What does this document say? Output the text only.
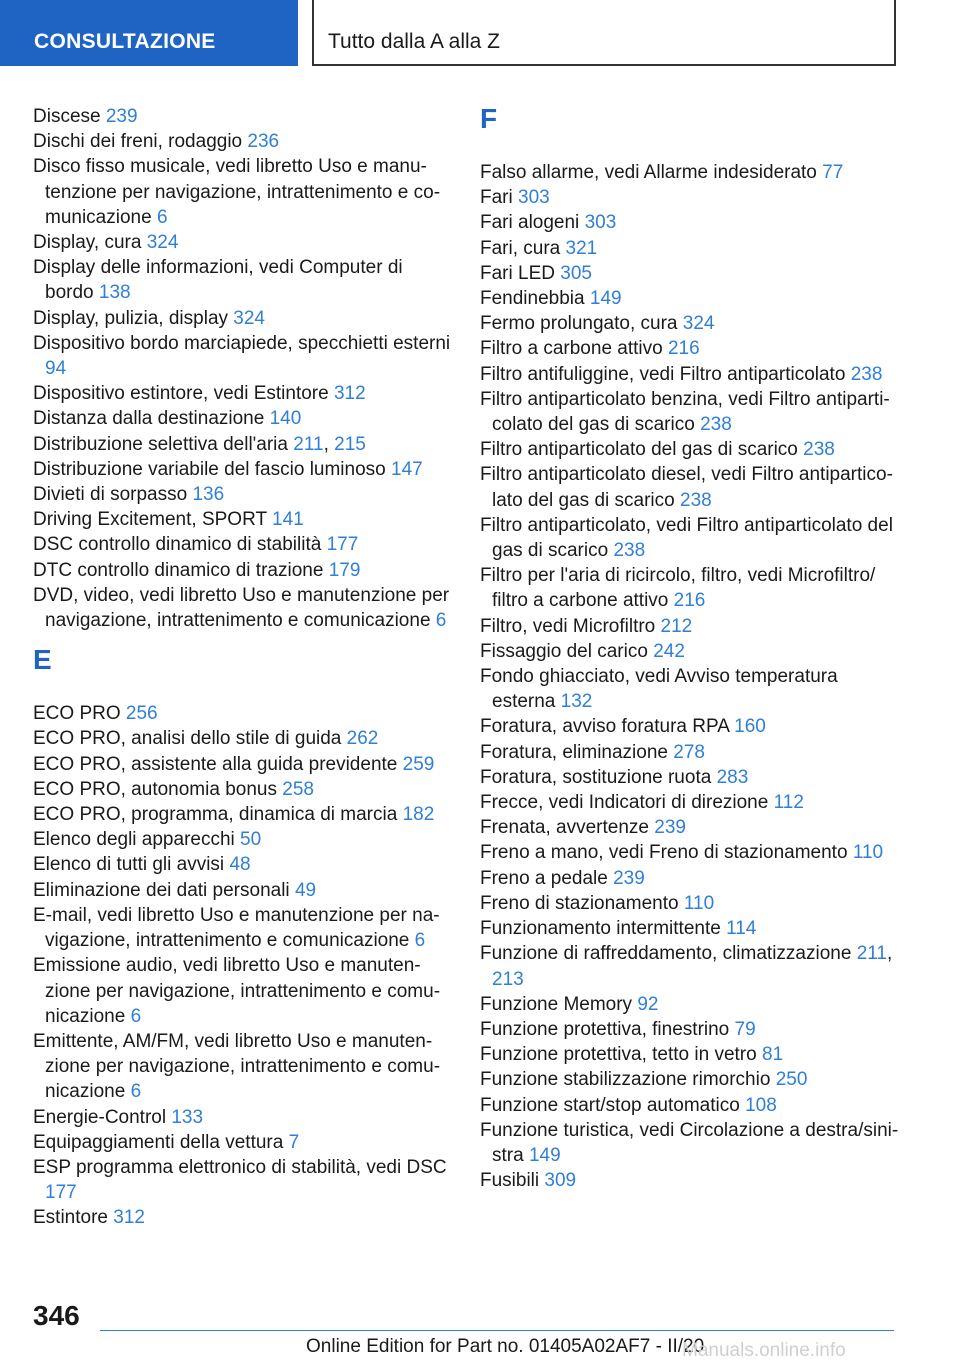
CONSULTAZIONE	Tutto dalla A alla Z
Discese 239
Dischi dei freni, rodaggio 236
Disco fisso musicale, vedi libretto Uso e manutenzione per navigazione, intrattenimento e comunicazione 6
Display, cura 324
Display delle informazioni, vedi Computer di bordo 138
Display, pulizia, display 324
Dispositivo bordo marciapiede, specchietti esterni 94
Dispositivo estintore, vedi Estintore 312
Distanza dalla destinazione 140
Distribuzione selettiva dell'aria 211, 215
Distribuzione variabile del fascio luminoso 147
Divieti di sorpasso 136
Driving Excitement, SPORT 141
DSC controllo dinamico di stabilità 177
DTC controllo dinamico di trazione 179
DVD, video, vedi libretto Uso e manutenzione per navigazione, intrattenimento e comunicazione 6
E
ECO PRO 256
ECO PRO, analisi dello stile di guida 262
ECO PRO, assistente alla guida previdente 259
ECO PRO, autonomia bonus 258
ECO PRO, programma, dinamica di marcia 182
Elenco degli apparecchi 50
Elenco di tutti gli avvisi 48
Eliminazione dei dati personali 49
E-mail, vedi libretto Uso e manutenzione per navigazione, intrattenimento e comunicazione 6
Emissione audio, vedi libretto Uso e manutenzione per navigazione, intrattenimento e comunicazione 6
Emittente, AM/FM, vedi libretto Uso e manutenzione per navigazione, intrattenimento e comunicazione 6
Energie-Control 133
Equipaggiamenti della vettura 7
ESP programma elettronico di stabilità, vedi DSC 177
Estintore 312
F
Falso allarme, vedi Allarme indesiderato 77
Fari 303
Fari alogeni 303
Fari, cura 321
Fari LED 305
Fendinebbia 149
Fermo prolungato, cura 324
Filtro a carbone attivo 216
Filtro antifuliggine, vedi Filtro antiparticolato 238
Filtro antiparticolato benzina, vedi Filtro antiparticolato del gas di scarico 238
Filtro antiparticolato del gas di scarico 238
Filtro antiparticolato diesel, vedi Filtro antiparticolato del gas di scarico 238
Filtro antiparticolato, vedi Filtro antiparticolato del gas di scarico 238
Filtro per l'aria di ricircolo, filtro, vedi Microfiltro/ filtro a carbone attivo 216
Filtro, vedi Microfiltro 212
Fissaggio del carico 242
Fondo ghiacciato, vedi Avviso temperatura esterna 132
Foratura, avviso foratura RPA 160
Foratura, eliminazione 278
Foratura, sostituzione ruota 283
Frecce, vedi Indicatori di direzione 112
Frenata, avvertenze 239
Freno a mano, vedi Freno di stazionamento 110
Freno a pedale 239
Freno di stazionamento 110
Funzionamento intermittente 114
Funzione di raffreddamento, climatizzazione 211, 213
Funzione Memory 92
Funzione protettiva, finestrino 79
Funzione protettiva, tetto in vetro 81
Funzione stabilizzazione rimorchio 250
Funzione start/stop automatico 108
Funzione turistica, vedi Circolazione a destra/sinistra 149
Fusibili 309
346
Online Edition for Part no. 01405A02AF7 - II/20
Manuals.online.info
